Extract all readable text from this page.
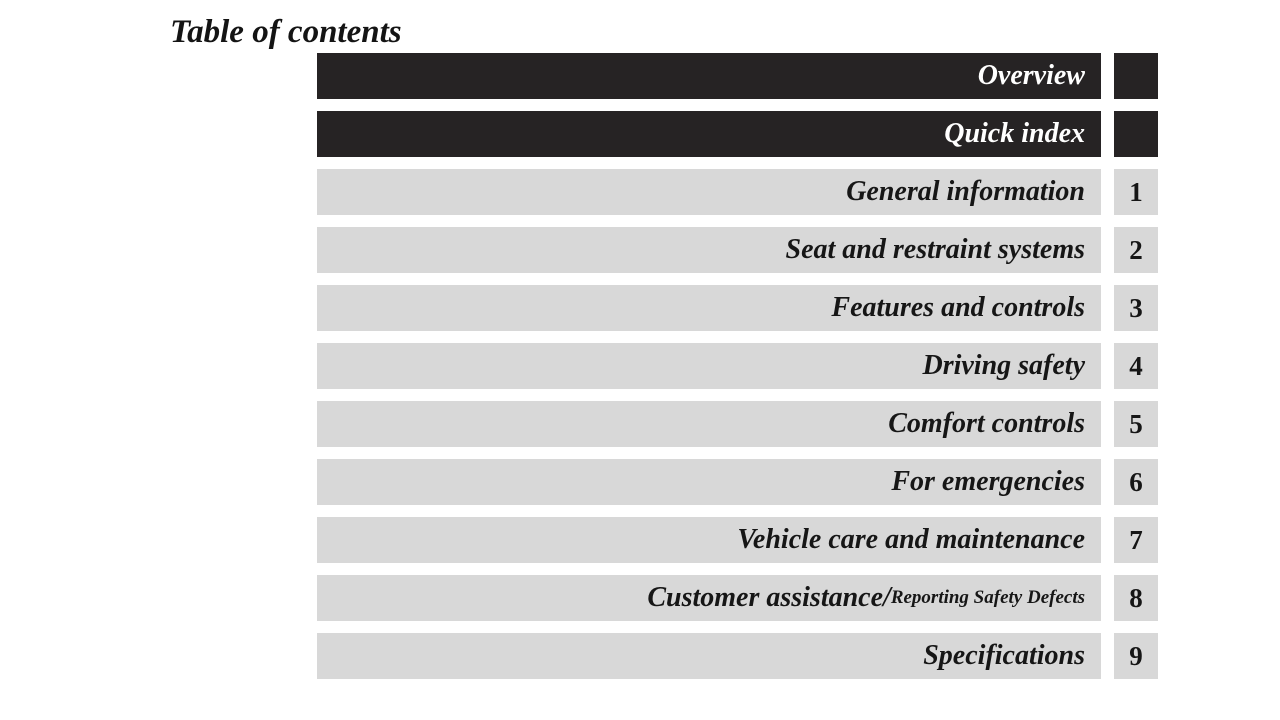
Table of contents
Overview
Quick index
General information	1
Seat and restraint systems	2
Features and controls	3
Driving safety	4
Comfort controls	5
For emergencies	6
Vehicle care and maintenance	7
Customer assistance/ Reporting Safety Defects	8
Specifications	9
